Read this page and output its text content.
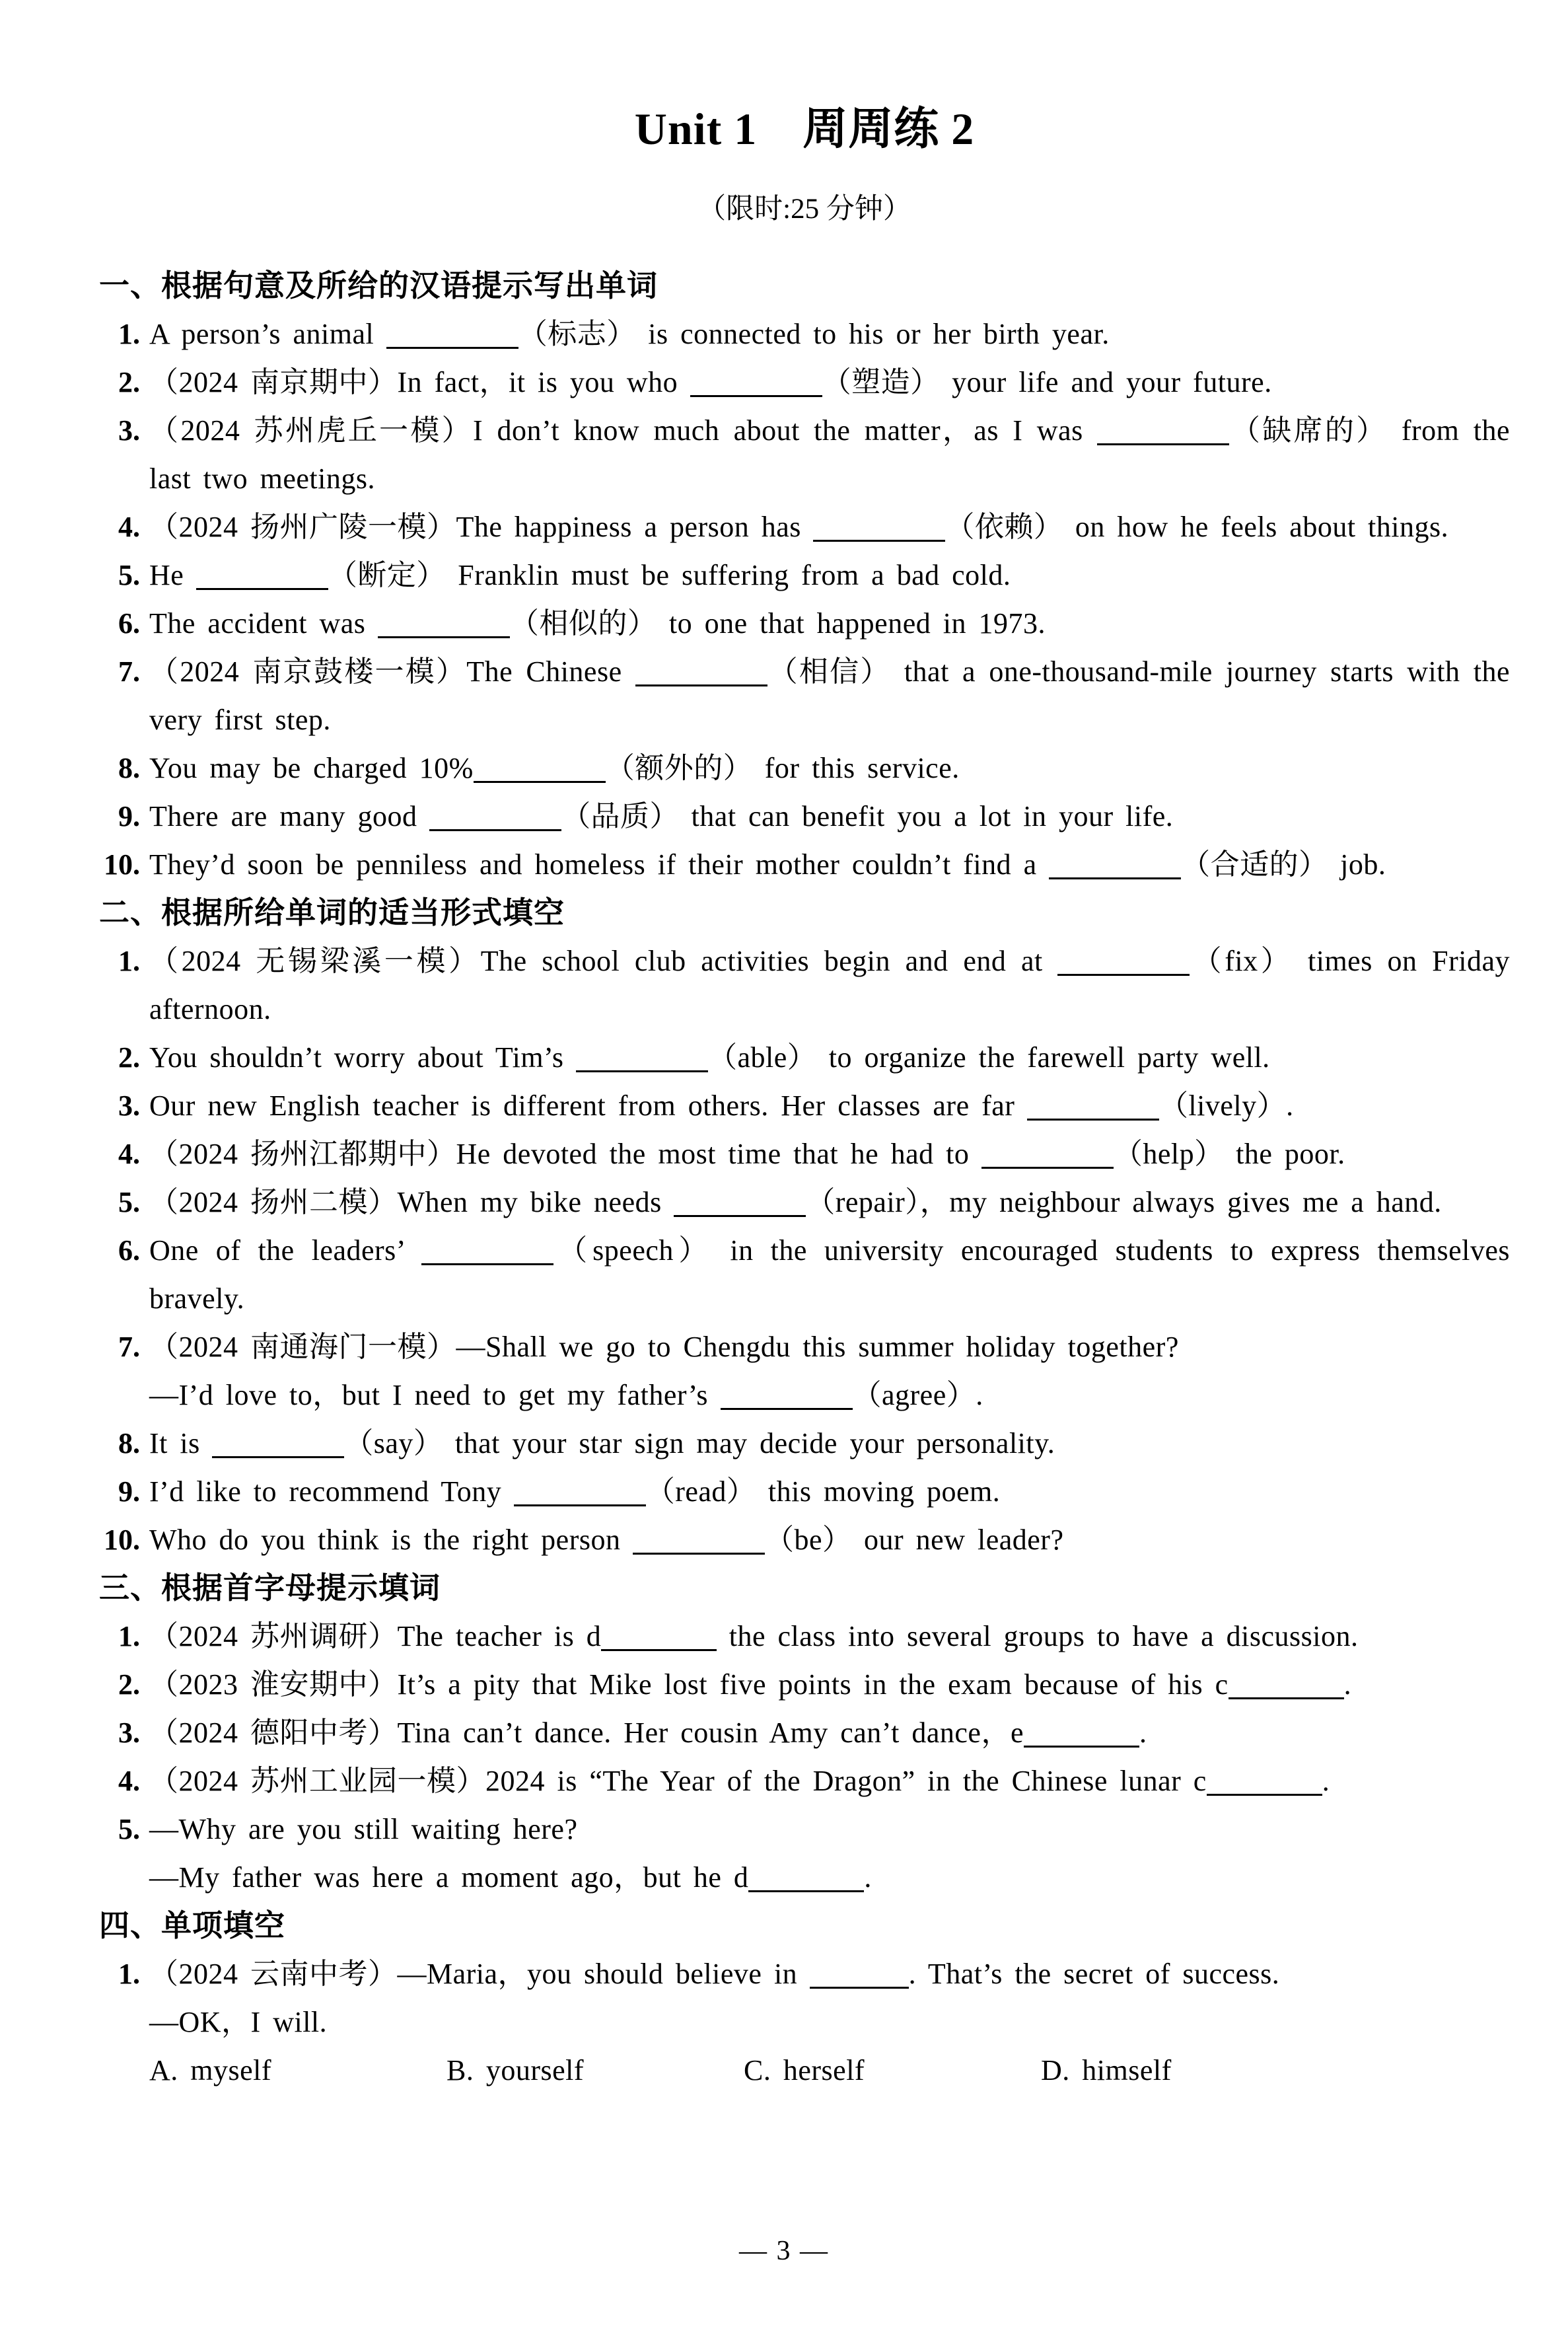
Unit 1　周周练 2
（限时:25 分钟）
一、根据句意及所给的汉语提示写出单词
1. A person’s animal	（标志） is connected to his or her birth year.
2. （2024 南京期中）In fact，it is you who	（塑造） your life and your future.
3. （2024 苏州虎丘一模）I don’t know much about the matter，as I was	（缺席的） from the last two meetings.
4. （2024 扬州广陵一模）The happiness a person has	（依赖） on how he feels about things.
5. He	（断定） Franklin must be suffering from a bad cold.
6. The accident was	（相似的） to one that happened in 1973.
7. （2024 南京鼓楼一模）The Chinese	（相信） that a one-thousand-mile journey starts with the very first step.
8. You may be charged 10%	（额外的） for this service.
9. There are many good	（品质） that can benefit you a lot in your life.
10. They’d soon be penniless and homeless if their mother couldn’t find a	（合适的） job.
二、根据所给单词的适当形式填空
1. （2024 无锡梁溪一模）The school club activities begin and end at	（fix） times on Friday afternoon.
2. You shouldn’t worry about Tim’s	（able） to organize the farewell party well.
3. Our new English teacher is different from others. Her classes are far	（lively）.
4. （2024 扬州江都期中）He devoted the most time that he had to	（help） the poor.
5. （2024 扬州二模）When my bike needs	（repair），my neighbour always gives me a hand.
6. One of the leaders’	（speech） in the university encouraged students to express themselves bravely.
7. （2024 南通海门一模）—Shall we go to Chengdu this summer holiday together?
—I’d love to，but I need to get my father’s	（agree）.
8. It is	（say） that your star sign may decide your personality.
9. I’d like to recommend Tony	（read） this moving poem.
10. Who do you think is the right person	（be） our new leader?
三、根据首字母提示填词
1. （2024 苏州调研）The teacher is d	the class into several groups to have a discussion.
2. （2023 淮安期中）It’s a pity that Mike lost five points in the exam because of his c	.
3. （2024 德阳中考）Tina can’t dance. Her cousin Amy can’t dance，e	.
4. （2024 苏州工业园一模）2024 is “The Year of the Dragon” in the Chinese lunar c	.
5. —Why are you still waiting here?
—My father was here a moment ago，but he d	.
四、单项填空
1. （2024 云南中考）—Maria，you should believe in	. That’s the secret of success.
—OK，I will.
A. myself	B. yourself	C. herself	D. himself
— 3 —
